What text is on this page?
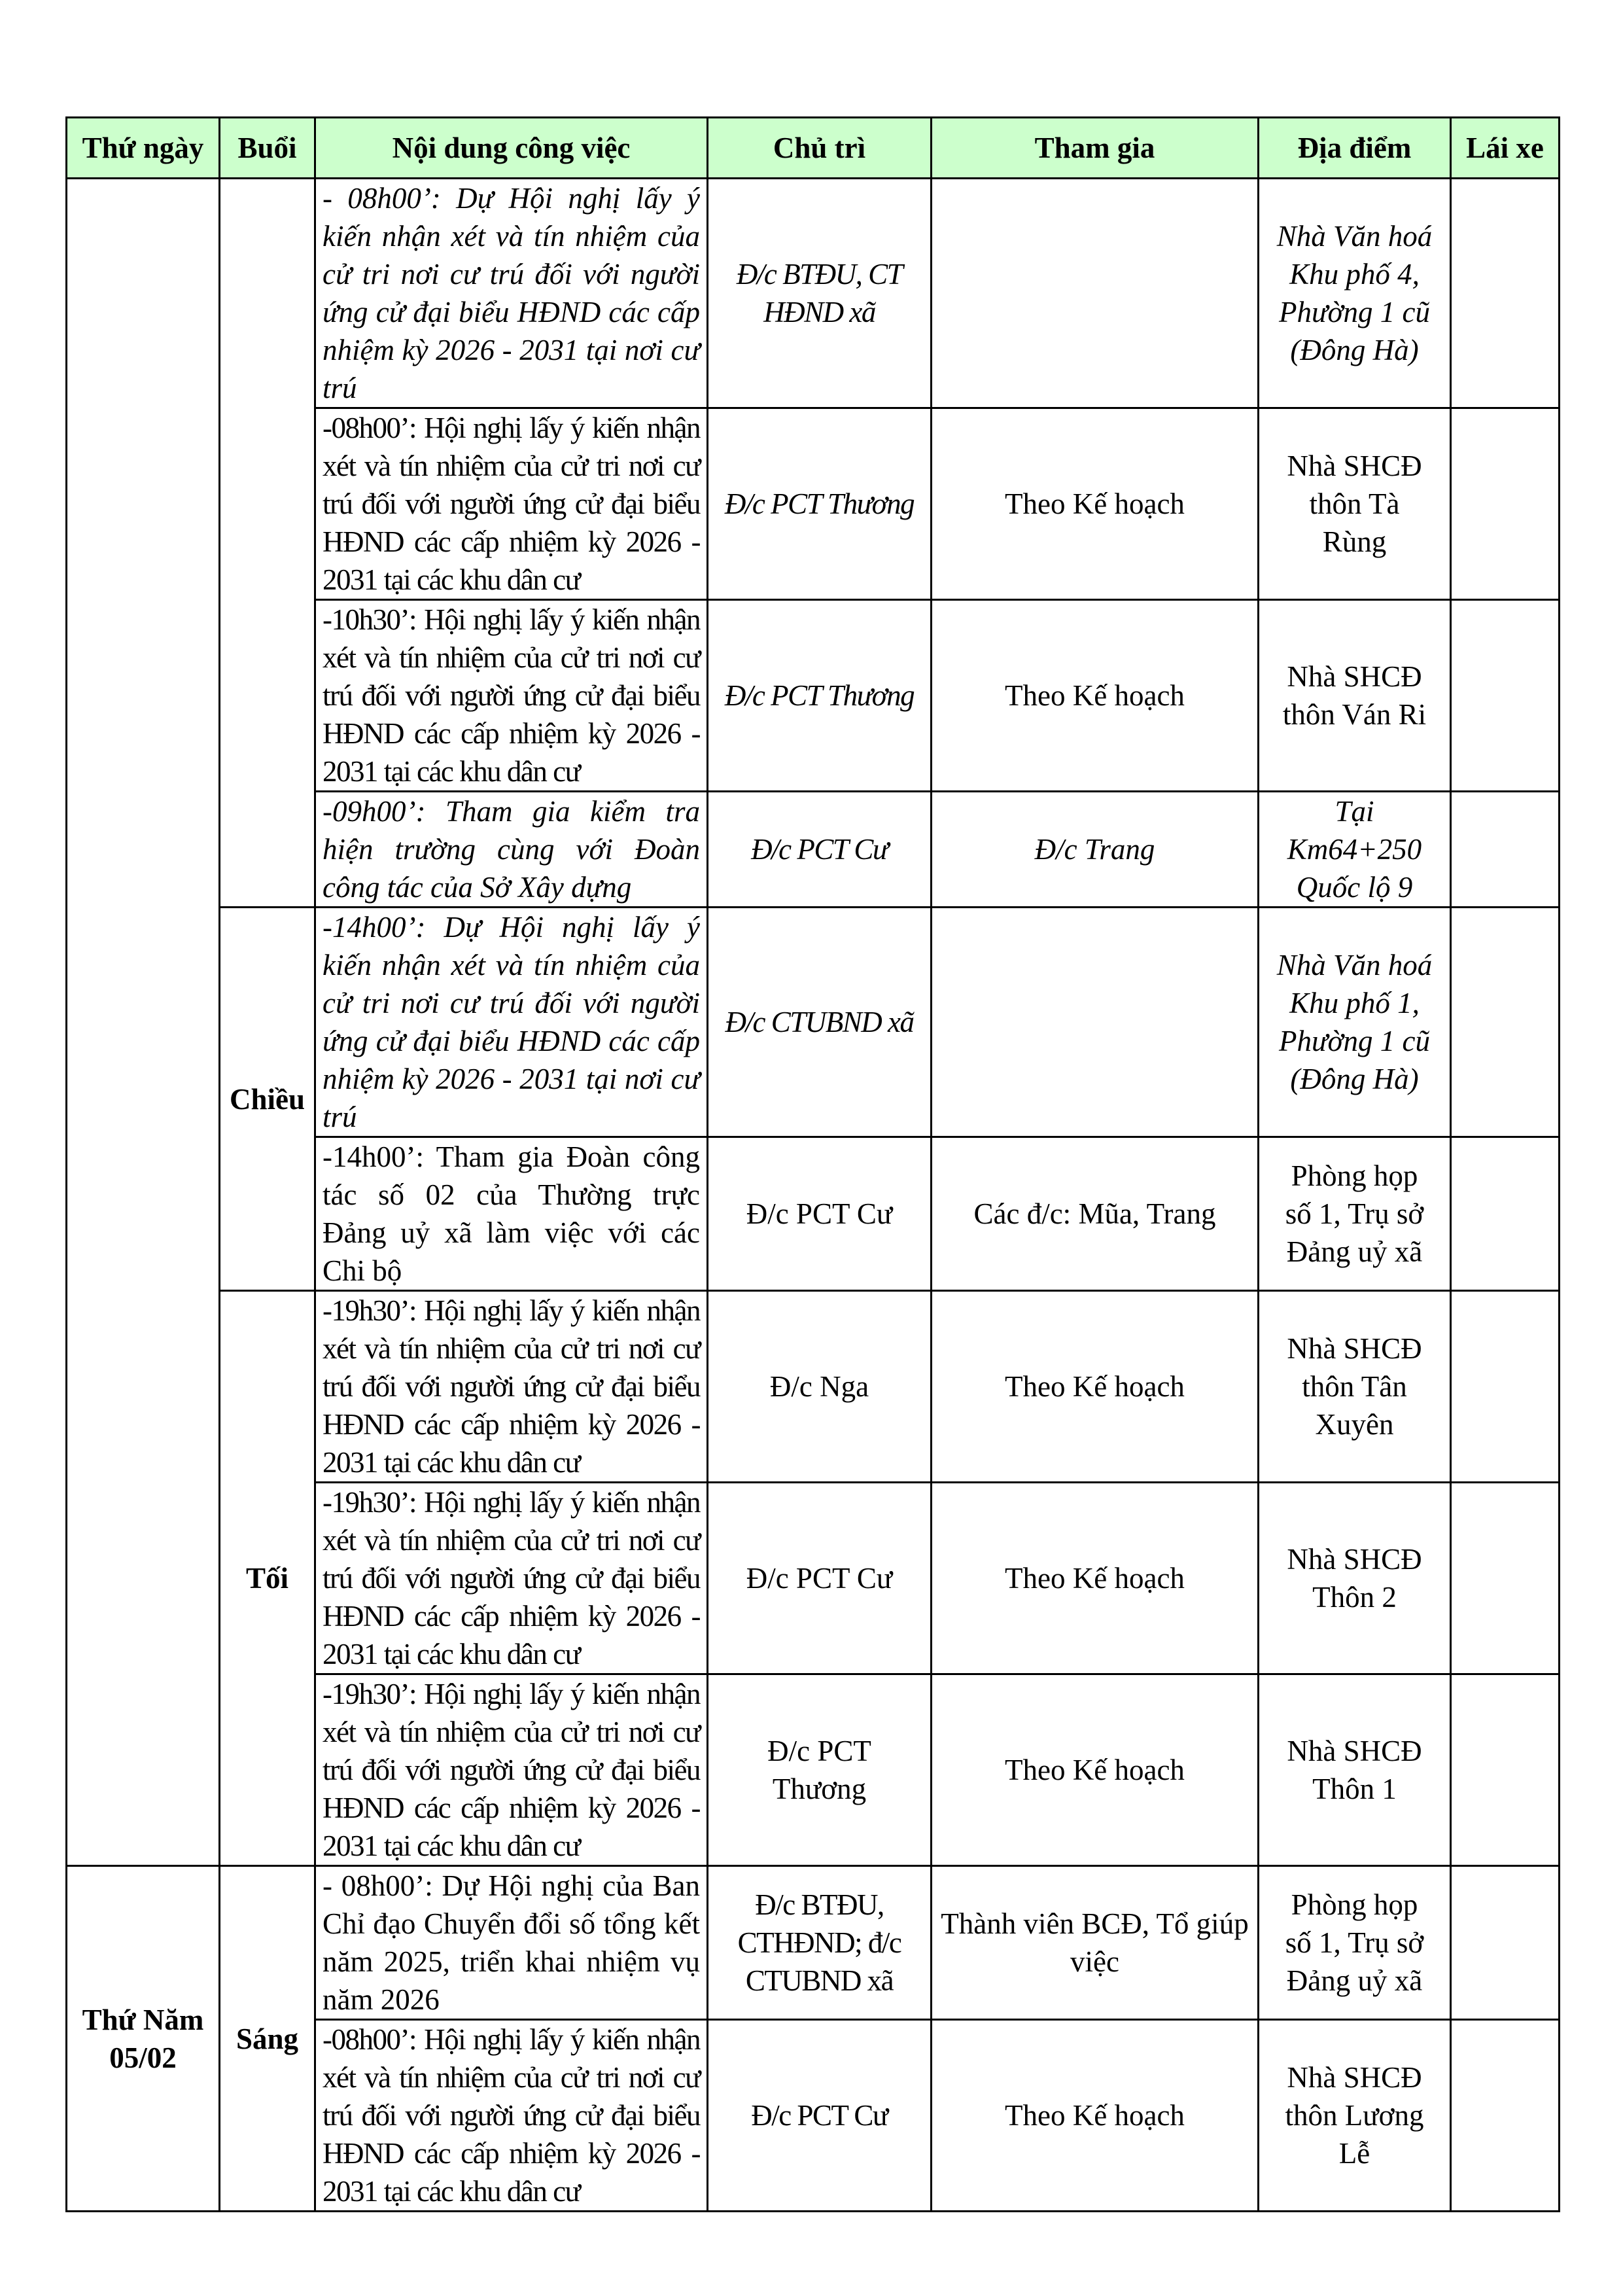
Thứ ngày	Buổi	Nội dung công việc	Chủ trì	Tham gia	Địa điểm	Lái xe
		- 08h00’: Dự Hội nghị lấy ý kiến nhận xét và tín nhiệm của cử tri nơi cư trú đối với người ứng cử đại biểu HĐND các cấp nhiệm kỳ 2026 - 2031 tại nơi cư trú	Đ/c BTĐU, CT
HĐND xã		Nhà Văn hoá
Khu phố 4,
Phường 1 cũ
(Đông Hà)	

		-08h00’: Hội nghị lấy ý kiến nhận xét và tín nhiệm của cử tri nơi cư trú đối với người ứng cử đại biểu HĐND các cấp nhiệm kỳ 2026 - 2031 tại các khu dân cư	Đ/c PCT Thương	Theo Kế hoạch	Nhà SHCĐ
thôn Tà
Rùng	

		-10h30’: Hội nghị lấy ý kiến nhận xét và tín nhiệm của cử tri nơi cư trú đối với người ứng cử đại biểu HĐND các cấp nhiệm kỳ 2026 - 2031 tại các khu dân cư	Đ/c PCT Thương	Theo Kế hoạch	Nhà SHCĐ
thôn Ván Ri	

		-09h00’: Tham gia kiểm tra hiện trường cùng với Đoàn công tác của Sở Xây dựng	Đ/c PCT Cư	Đ/c Trang	Tại
Km64+250
Quốc lộ 9	

	Chiều	-14h00’: Dự Hội nghị lấy ý kiến nhận xét và tín nhiệm của cử tri nơi cư trú đối với người ứng cử đại biểu HĐND các cấp nhiệm kỳ 2026 - 2031 tại nơi cư trú	Đ/c CTUBND xã		Nhà Văn hoá
Khu phố 1,
Phường 1 cũ
(Đông Hà)	

		-14h00’: Tham gia Đoàn công tác số 02 của Thường trực Đảng uỷ xã làm việc với các Chi bộ	Đ/c PCT Cư	Các đ/c: Mũa, Trang	Phòng họp
số 1, Trụ sở
Đảng uỷ xã	

	Tối	-19h30’: Hội nghị lấy ý kiến nhận xét và tín nhiệm của cử tri nơi cư trú đối với người ứng cử đại biểu HĐND các cấp nhiệm kỳ 2026 - 2031 tại các khu dân cư	Đ/c Nga	Theo Kế hoạch	Nhà SHCĐ
thôn Tân
Xuyên	

		-19h30’: Hội nghị lấy ý kiến nhận xét và tín nhiệm của cử tri nơi cư trú đối với người ứng cử đại biểu HĐND các cấp nhiệm kỳ 2026 - 2031 tại các khu dân cư	Đ/c PCT Cư	Theo Kế hoạch	Nhà SHCĐ
Thôn 2	

		-19h30’: Hội nghị lấy ý kiến nhận xét và tín nhiệm của cử tri nơi cư trú đối với người ứng cử đại biểu HĐND các cấp nhiệm kỳ 2026 - 2031 tại các khu dân cư	Đ/c PCT
Thương	Theo Kế hoạch	Nhà SHCĐ
Thôn 1	

Thứ Năm
05/02	Sáng	- 08h00’: Dự Hội nghị của Ban Chỉ đạo Chuyển đổi số tổng kết năm 2025, triển khai nhiệm vụ năm 2026	Đ/c BTĐU,
CTHĐND; đ/c
CTUBND xã	Thành viên BCĐ, Tổ giúp việc	Phòng họp
số 1, Trụ sở
Đảng uỷ xã	

		-08h00’: Hội nghị lấy ý kiến nhận xét và tín nhiệm của cử tri nơi cư trú đối với người ứng cử đại biểu HĐND các cấp nhiệm kỳ 2026 - 2031 tại các khu dân cư	Đ/c PCT Cư	Theo Kế hoạch	Nhà SHCĐ
thôn Lương
Lễ	
